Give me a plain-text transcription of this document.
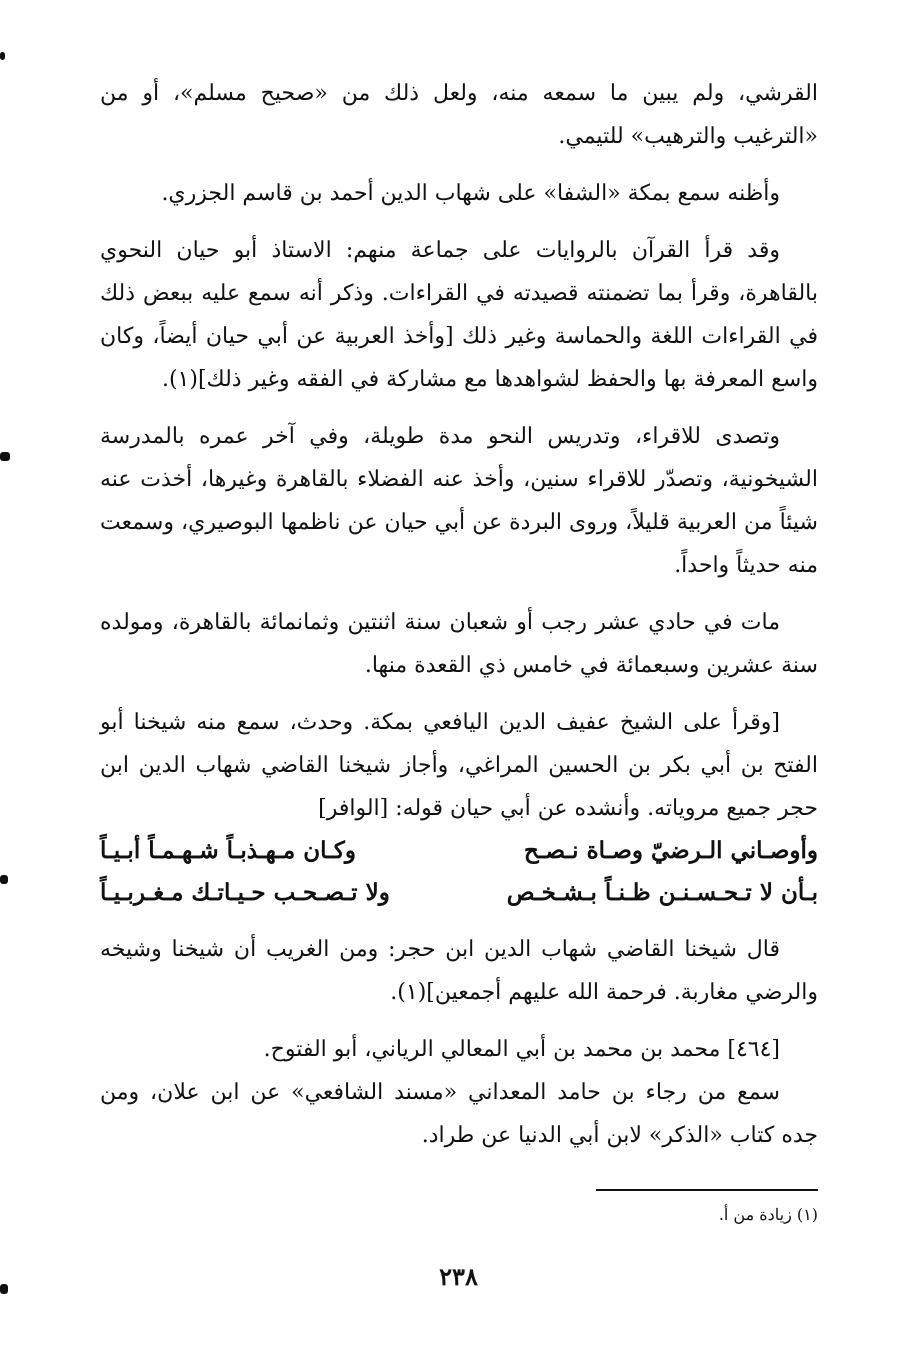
القرشي، ولم يبين ما سمعه منه، ولعل ذلك من «صحيح مسلم»، أو من «الترغيب والترهيب» للتيمي.

وأظنه سمع بمكة «الشفا» على شهاب الدين أحمد بن قاسم الجزري.

وقد قرأ القرآن بالروايات على جماعة منهم: الاستاذ أبو حيان النحوي بالقاهرة، وقرأ بما تضمنته قصيدته في القراءات. وذكر أنه سمع عليه ببعض ذلك في القراءات اللغة والحماسة وغير ذلك [وأخذ العربية عن أبي حيان أيضاً، وكان واسع المعرفة بها والحفظ لشواهدها مع مشاركة في الفقه وغير ذلك](١).

وتصدى للاقراء، وتدريس النحو مدة طويلة، وفي آخر عمره بالمدرسة الشيخونية، وتصدّر للاقراء سنين، وأخذ عنه الفضلاء بالقاهرة وغيرها، أخذت عنه شيئاً من العربية قليلاً، وروى البردة عن أبي حيان عن ناظمها البوصيري، وسمعت منه حديثاً واحداً.

مات في حادي عشر رجب أو شعبان سنة اثنتين وثمانمائة بالقاهرة، ومولده سنة عشرين وسبعمائة في خامس ذي القعدة منها.

[وقرأ على الشيخ عفيف الدين اليافعي بمكة. وحدث، سمع منه شيخنا أبو الفتح بن أبي بكر بن الحسين المراغي، وأجاز شيخنا القاضي شهاب الدين ابن حجر جميع مروياته. وأنشده عن أبي حيان قوله: [الوافر]

وأوصـاني الـرضيّ وصـاة نـصـح
وكـان مـهـذبـاً شـهـمـاً أبـيـاً
بـأن لا تـحـسـنـن ظـنـاً بـشـخـص
ولا تـصـحـب حـيـاتـك مـغـربـيـاً

قال شيخنا القاضي شهاب الدين ابن حجر: ومن الغريب أن شيخنا وشيخه والرضي مغاربة. فرحمة الله عليهم أجمعين](١).

[٤٦٤] محمد بن محمد بن أبي المعالي الرياني، أبو الفتوح.

سمع من رجاء بن حامد المعداني «مسند الشافعي» عن ابن علان، ومن جده كتاب «الذكر» لابن أبي الدنيا عن طراد.

(١) زيادة من أ.
٢٣٨
